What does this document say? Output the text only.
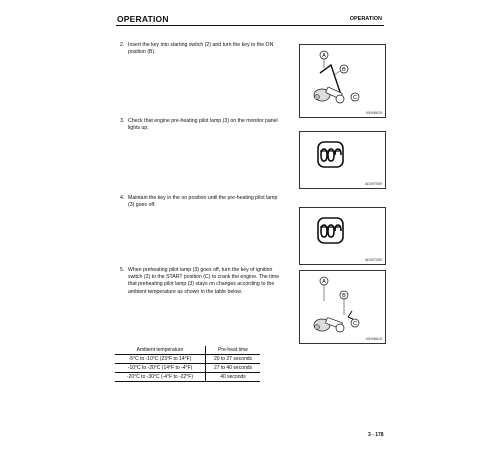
OPERATION	OPERATION
2. Insert the key into starting switch (2) and turn the key to the ON position (B).
A
B
C
9JH08615
3. Check that engine pre-heating pilot lamp (3) on the monitor panel lights up.
AD097059
4. Maintain the key in the on position until the pre-heating pilot lamp (3) goes off.
AD097059
5. When preheating pilot lamp (3) goes off, turn the key of ignition switch (2) to the START position (C) to crank the engine. The time that preheating pilot lamp (3) stays on changes according to the ambient temperature as shown in the table below.
A
B
C
9JH08615
Ambient temperature	Pre-heat time
-5°C to -10°C (23°F to 14°F)	20 to 27 seconds
-10°C to -20°C (14°F to -4°F)	27 to 40 seconds
-20°C to -30°C (-4°F to -22°F)	40 seconds
3 - 178
